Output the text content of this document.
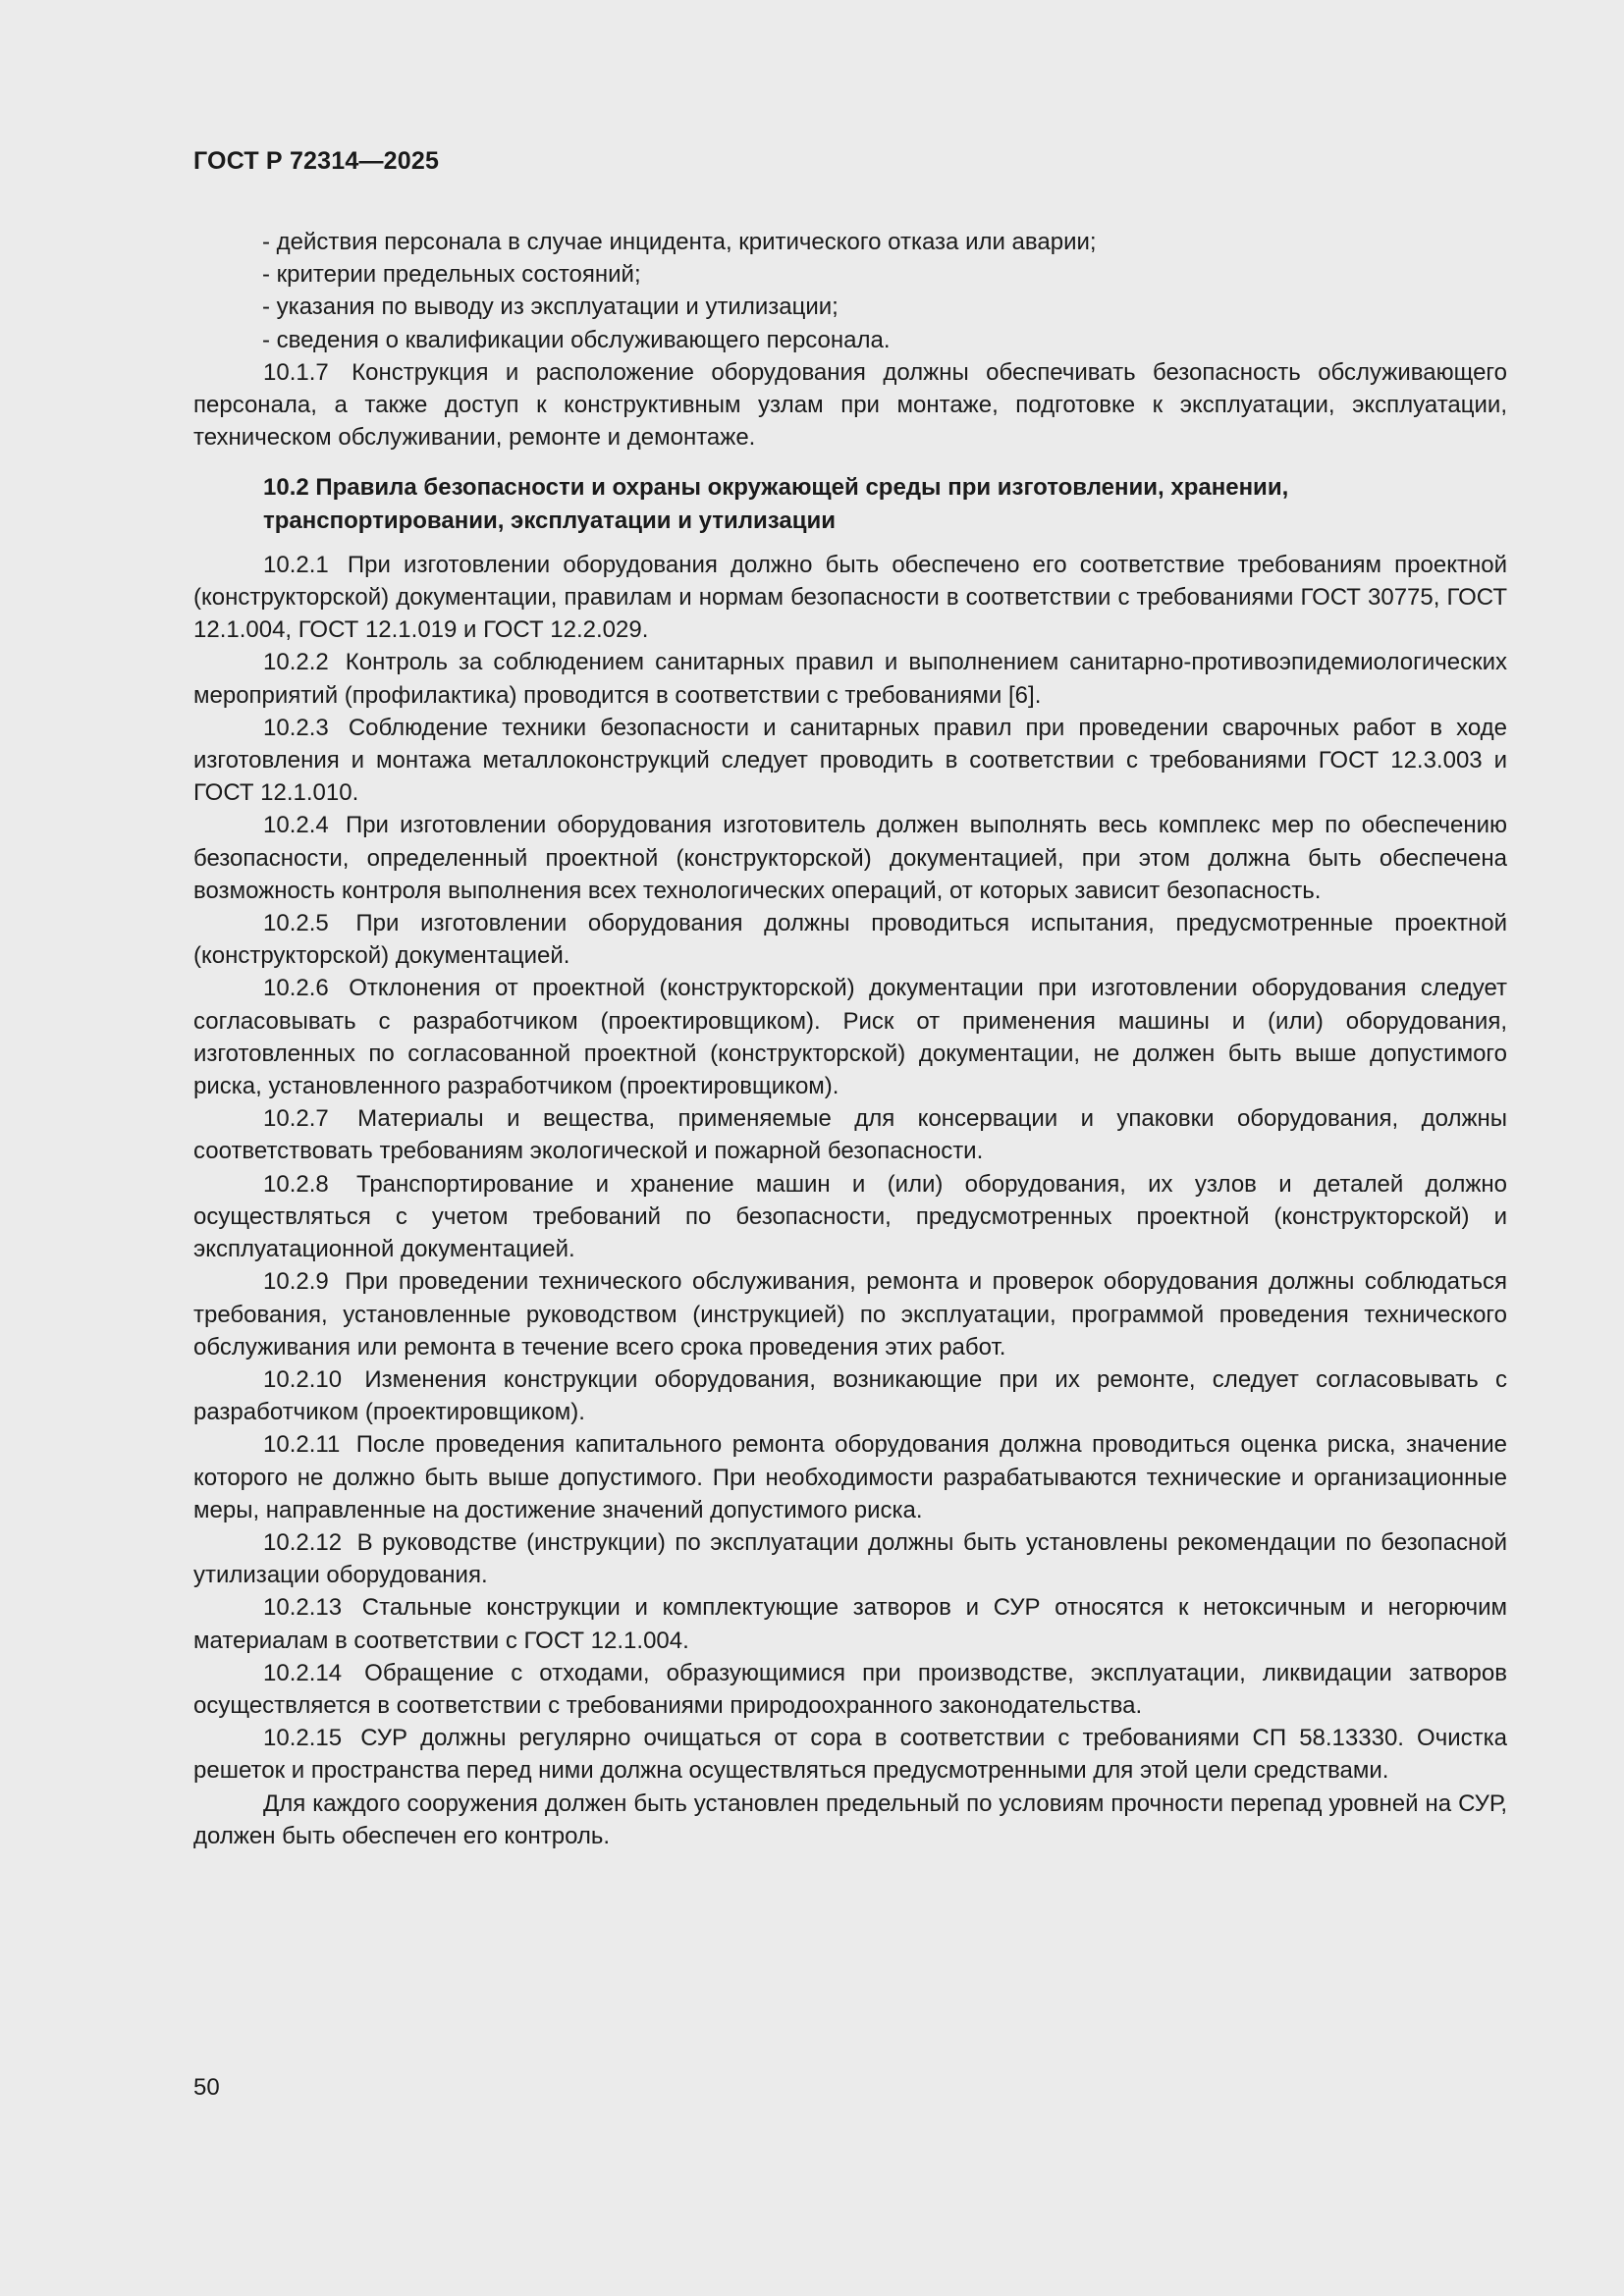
ГОСТ Р 72314—2025

- действия персонала в случае инцидента, критического отказа или аварии;

- критерии предельных состояний;

- указания по выводу из эксплуатации и утилизации;

- сведения о квалификации обслуживающего персонала.

10.1.7 Конструкция и расположение оборудования должны обеспечивать безопасность обслуживающего персонала, а также доступ к конструктивным узлам при монтаже, подготовке к эксплуатации, эксплуатации, техническом обслуживании, ремонте и демонтаже.

10.2 Правила безопасности и охраны окружающей среды при изготовлении, хранении, транспортировании, эксплуатации и утилизации

10.2.1 При изготовлении оборудования должно быть обеспечено его соответствие требованиям проектной (конструкторской) документации, правилам и нормам безопасности в соответствии с требованиями ГОСТ 30775, ГОСТ 12.1.004, ГОСТ 12.1.019 и ГОСТ 12.2.029.

10.2.2 Контроль за соблюдением санитарных правил и выполнением санитарно-противоэпидемиологических мероприятий (профилактика) проводится в соответствии с требованиями [6].

10.2.3 Соблюдение техники безопасности и санитарных правил при проведении сварочных работ в ходе изготовления и монтажа металлоконструкций следует проводить в соответствии с требованиями ГОСТ 12.3.003 и ГОСТ 12.1.010.

10.2.4 При изготовлении оборудования изготовитель должен выполнять весь комплекс мер по обеспечению безопасности, определенный проектной (конструкторской) документацией, при этом должна быть обеспечена возможность контроля выполнения всех технологических операций, от которых зависит безопасность.

10.2.5 При изготовлении оборудования должны проводиться испытания, предусмотренные проектной (конструкторской) документацией.

10.2.6 Отклонения от проектной (конструкторской) документации при изготовлении оборудования следует согласовывать с разработчиком (проектировщиком). Риск от применения машины и (или) оборудования, изготовленных по согласованной проектной (конструкторской) документации, не должен быть выше допустимого риска, установленного разработчиком (проектировщиком).

10.2.7 Материалы и вещества, применяемые для консервации и упаковки оборудования, должны соответствовать требованиям экологической и пожарной безопасности.

10.2.8 Транспортирование и хранение машин и (или) оборудования, их узлов и деталей должно осуществляться с учетом требований по безопасности, предусмотренных проектной (конструкторской) и эксплуатационной документацией.

10.2.9 При проведении технического обслуживания, ремонта и проверок оборудования должны соблюдаться требования, установленные руководством (инструкцией) по эксплуатации, программой проведения технического обслуживания или ремонта в течение всего срока проведения этих работ.

10.2.10 Изменения конструкции оборудования, возникающие при их ремонте, следует согласовывать с разработчиком (проектировщиком).

10.2.11 После проведения капитального ремонта оборудования должна проводиться оценка риска, значение которого не должно быть выше допустимого. При необходимости разрабатываются технические и организационные меры, направленные на достижение значений допустимого риска.

10.2.12 В руководстве (инструкции) по эксплуатации должны быть установлены рекомендации по безопасной утилизации оборудования.

10.2.13 Стальные конструкции и комплектующие затворов и СУР относятся к нетоксичным и негорючим материалам в соответствии с ГОСТ 12.1.004.

10.2.14 Обращение с отходами, образующимися при производстве, эксплуатации, ликвидации затворов осуществляется в соответствии с требованиями природоохранного законодательства.

10.2.15 СУР должны регулярно очищаться от сора в соответствии с требованиями СП 58.13330. Очистка решеток и пространства перед ними должна осуществляться предусмотренными для этой цели средствами.

Для каждого сооружения должен быть установлен предельный по условиям прочности перепад уровней на СУР, должен быть обеспечен его контроль.

50
